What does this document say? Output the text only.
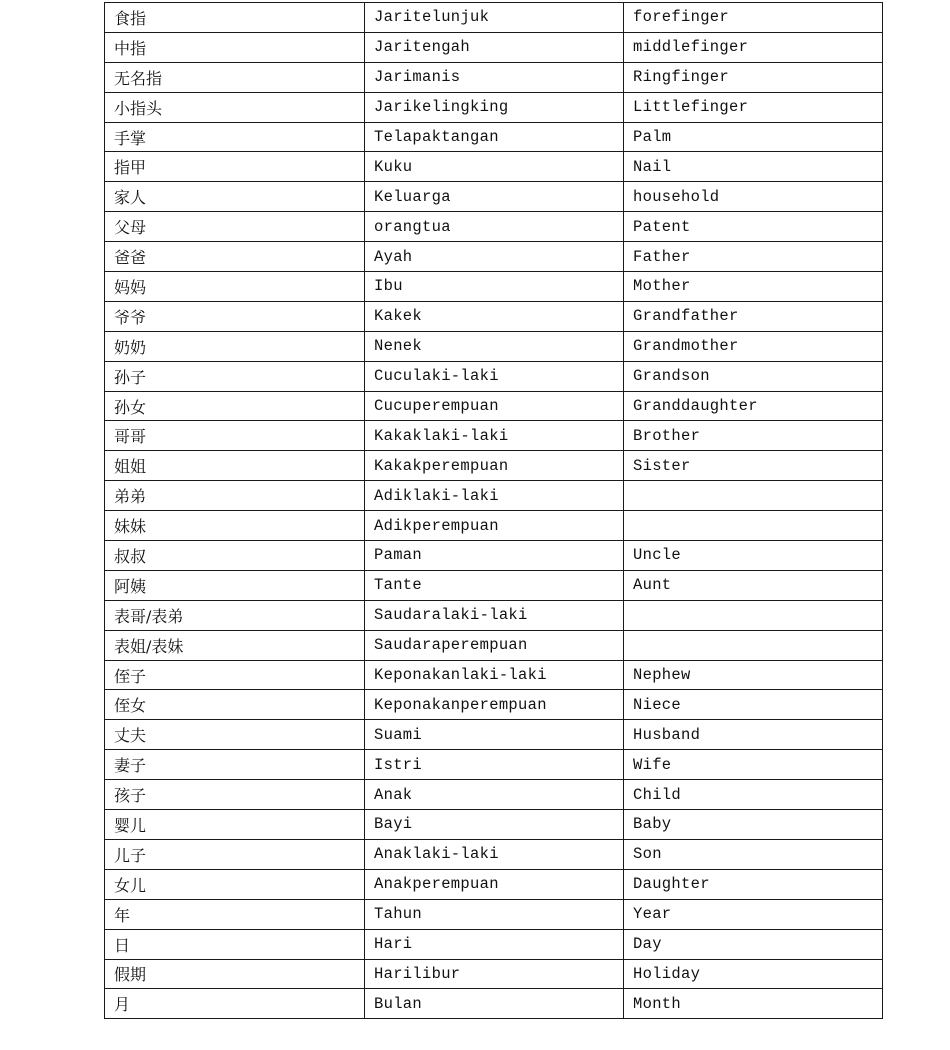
食指	Jaritelunjuk	forefinger
中指	Jaritengah	middlefinger
无名指	Jarimanis	Ringfinger
小指头	Jarikelingking	Littlefinger
手掌	Telapaktangan	Palm
指甲	Kuku	Nail
家人	Keluarga	household
父母	orangtua	Patent
爸爸	Ayah	Father
妈妈	Ibu	Mother
爷爷	Kakek	Grandfather
奶奶	Nenek	Grandmother
孙子	Cuculaki-laki	Grandson
孙女	Cucuperempuan	Granddaughter
哥哥	Kakaklaki-laki	Brother
姐姐	Kakakperempuan	Sister
弟弟	Adiklaki-laki	
妹妹	Adikperempuan	
叔叔	Paman	Uncle
阿姨	Tante	Aunt
表哥/表弟	Saudaralaki-laki	
表姐/表妹	Saudaraperempuan	
侄子	Keponakanlaki-laki	Nephew
侄女	Keponakanperempuan	Niece
丈夫	Suami	Husband
妻子	Istri	Wife
孩子	Anak	Child
婴儿	Bayi	Baby
儿子	Anaklaki-laki	Son
女儿	Anakperempuan	Daughter
年	Tahun	Year
日	Hari	Day
假期	Harilibur	Holiday
月	Bulan	Month
